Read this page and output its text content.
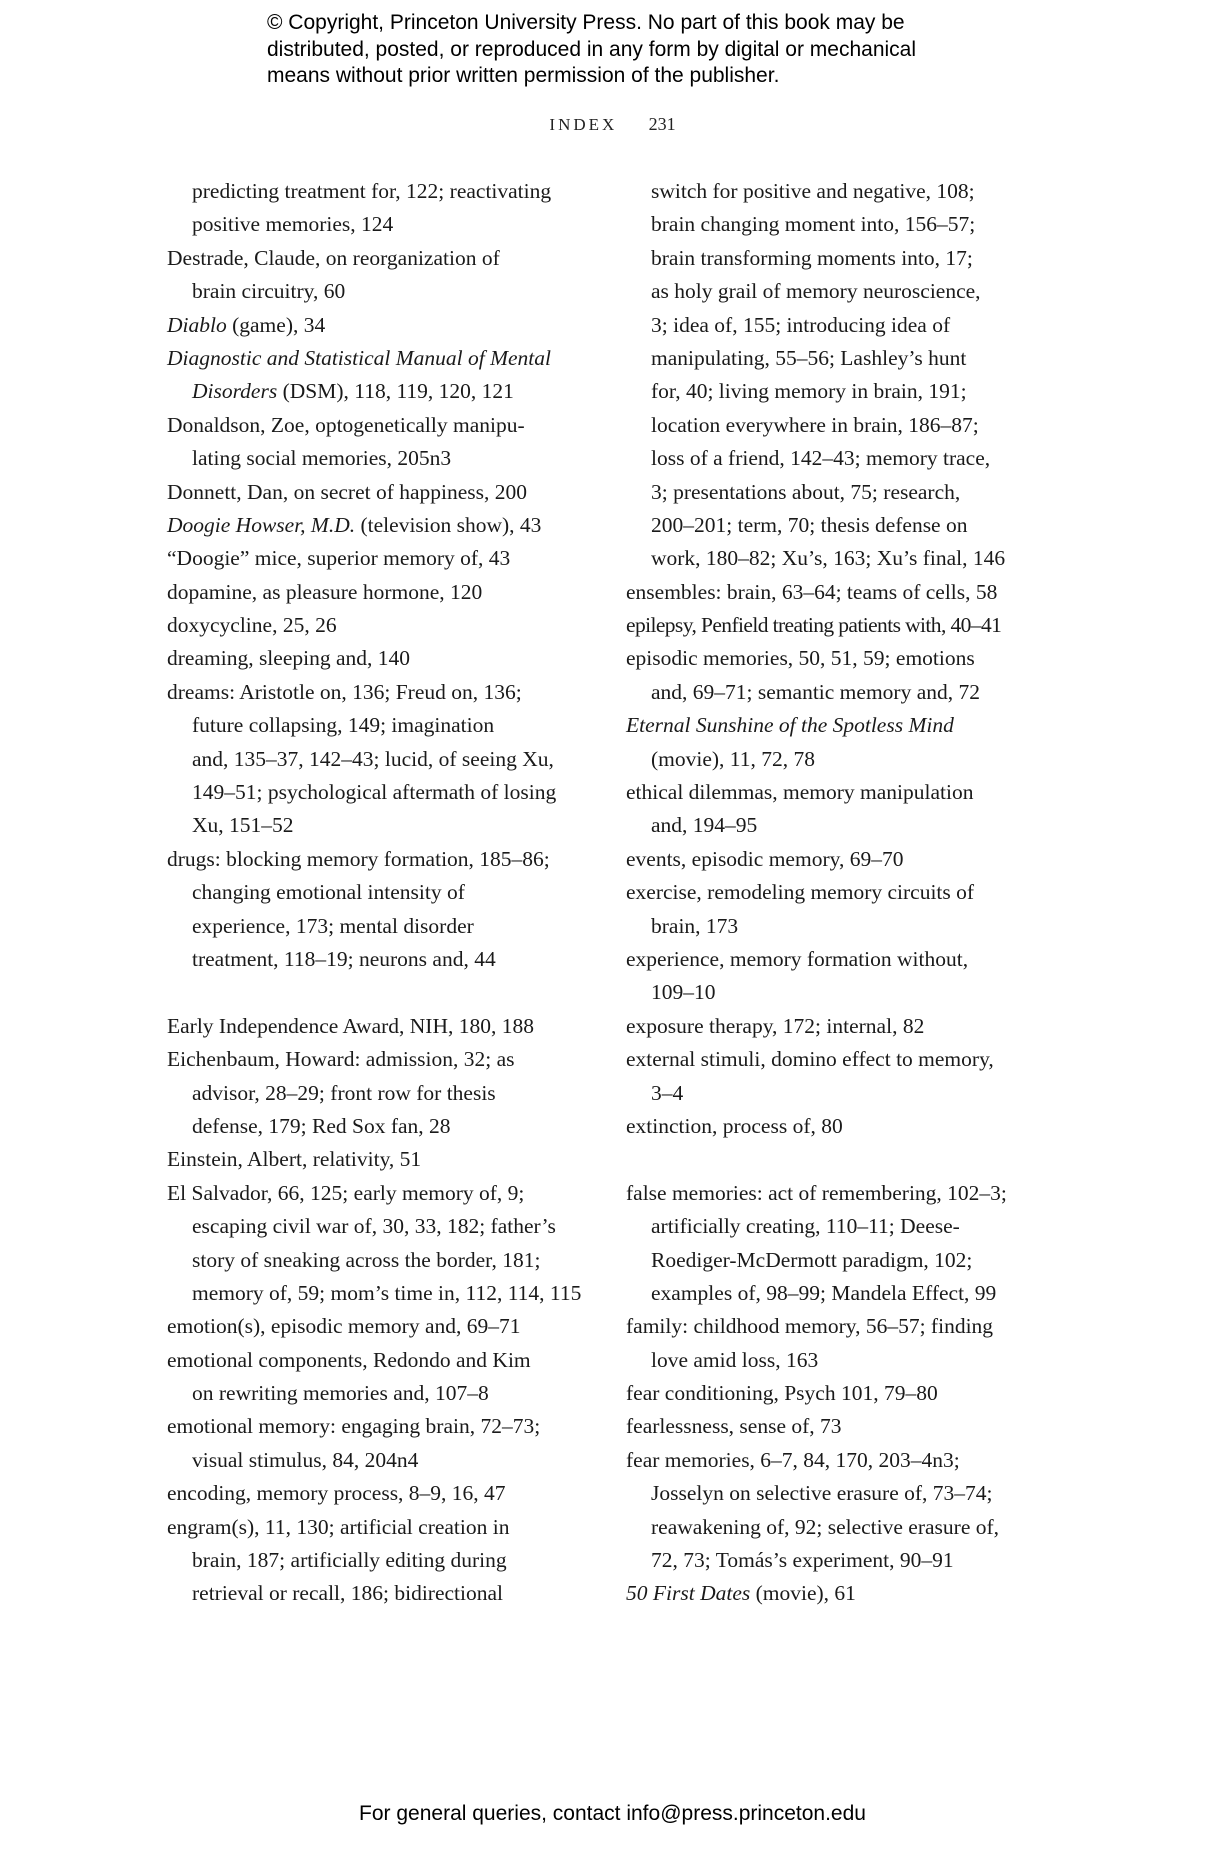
© Copyright, Princeton University Press. No part of this book may be
distributed, posted, or reproduced in any form by digital or mechanical
means without prior written permission of the publisher.
INDEX 231
predicting treatment for, 122; reactivating
positive memories, 124
Destrade, Claude, on reorganization of
brain circuitry, 60
Diablo (game), 34
Diagnostic and Statistical Manual of Mental
Disorders (DSM), 118, 119, 120, 121
Donaldson, Zoe, optogenetically manipu-
lating social memories, 205n3
Donnett, Dan, on secret of happiness, 200
Doogie Howser, M.D. (television show), 43
“Doogie” mice, superior memory of, 43
dopamine, as pleasure hormone, 120
doxycycline, 25, 26
dreaming, sleeping and, 140
dreams: Aristotle on, 136; Freud on, 136;
future collapsing, 149; imagination
and, 135–37, 142–43; lucid, of seeing Xu,
149–51; psychological aftermath of losing
Xu, 151–52
drugs: blocking memory formation, 185–86;
changing emotional intensity of
experience, 173; mental disorder
treatment, 118–19; neurons and, 44
Early Independence Award, NIH, 180, 188
Eichenbaum, Howard: admission, 32; as
advisor, 28–29; front row for thesis
defense, 179; Red Sox fan, 28
Einstein, Albert, relativity, 51
El Salvador, 66, 125; early memory of, 9;
escaping civil war of, 30, 33, 182; father’s
story of sneaking across the border, 181;
memory of, 59; mom’s time in, 112, 114, 115
emotion(s), episodic memory and, 69–71
emotional components, Redondo and Kim
on rewriting memories and, 107–8
emotional memory: engaging brain, 72–73;
visual stimulus, 84, 204n4
encoding, memory process, 8–9, 16, 47
engram(s), 11, 130; artificial creation in
brain, 187; artificially editing during
retrieval or recall, 186; bidirectional
switch for positive and negative, 108;
brain changing moment into, 156–57;
brain transforming moments into, 17;
as holy grail of memory neuroscience,
3; idea of, 155; introducing idea of
manipulating, 55–56; Lashley’s hunt
for, 40; living memory in brain, 191;
location everywhere in brain, 186–87;
loss of a friend, 142–43; memory trace,
3; presentations about, 75; research,
200–201; term, 70; thesis defense on
work, 180–82; Xu’s, 163; Xu’s final, 146
ensembles: brain, 63–64; teams of cells, 58
epilepsy, Penfield treating patients with, 40–41
episodic memories, 50, 51, 59; emotions
and, 69–71; semantic memory and, 72
Eternal Sunshine of the Spotless Mind
(movie), 11, 72, 78
ethical dilemmas, memory manipulation
and, 194–95
events, episodic memory, 69–70
exercise, remodeling memory circuits of
brain, 173
experience, memory formation without,
109–10
exposure therapy, 172; internal, 82
external stimuli, domino effect to memory,
3–4
extinction, process of, 80
false memories: act of remembering, 102–3;
artificially creating, 110–11; Deese-
Roediger-McDermott paradigm, 102;
examples of, 98–99; Mandela Effect, 99
family: childhood memory, 56–57; finding
love amid loss, 163
fear conditioning, Psych 101, 79–80
fearlessness, sense of, 73
fear memories, 6–7, 84, 170, 203–4n3;
Josselyn on selective erasure of, 73–74;
reawakening of, 92; selective erasure of,
72, 73; Tomás’s experiment, 90–91
50 First Dates (movie), 61
For general queries, contact info@press.princeton.edu
